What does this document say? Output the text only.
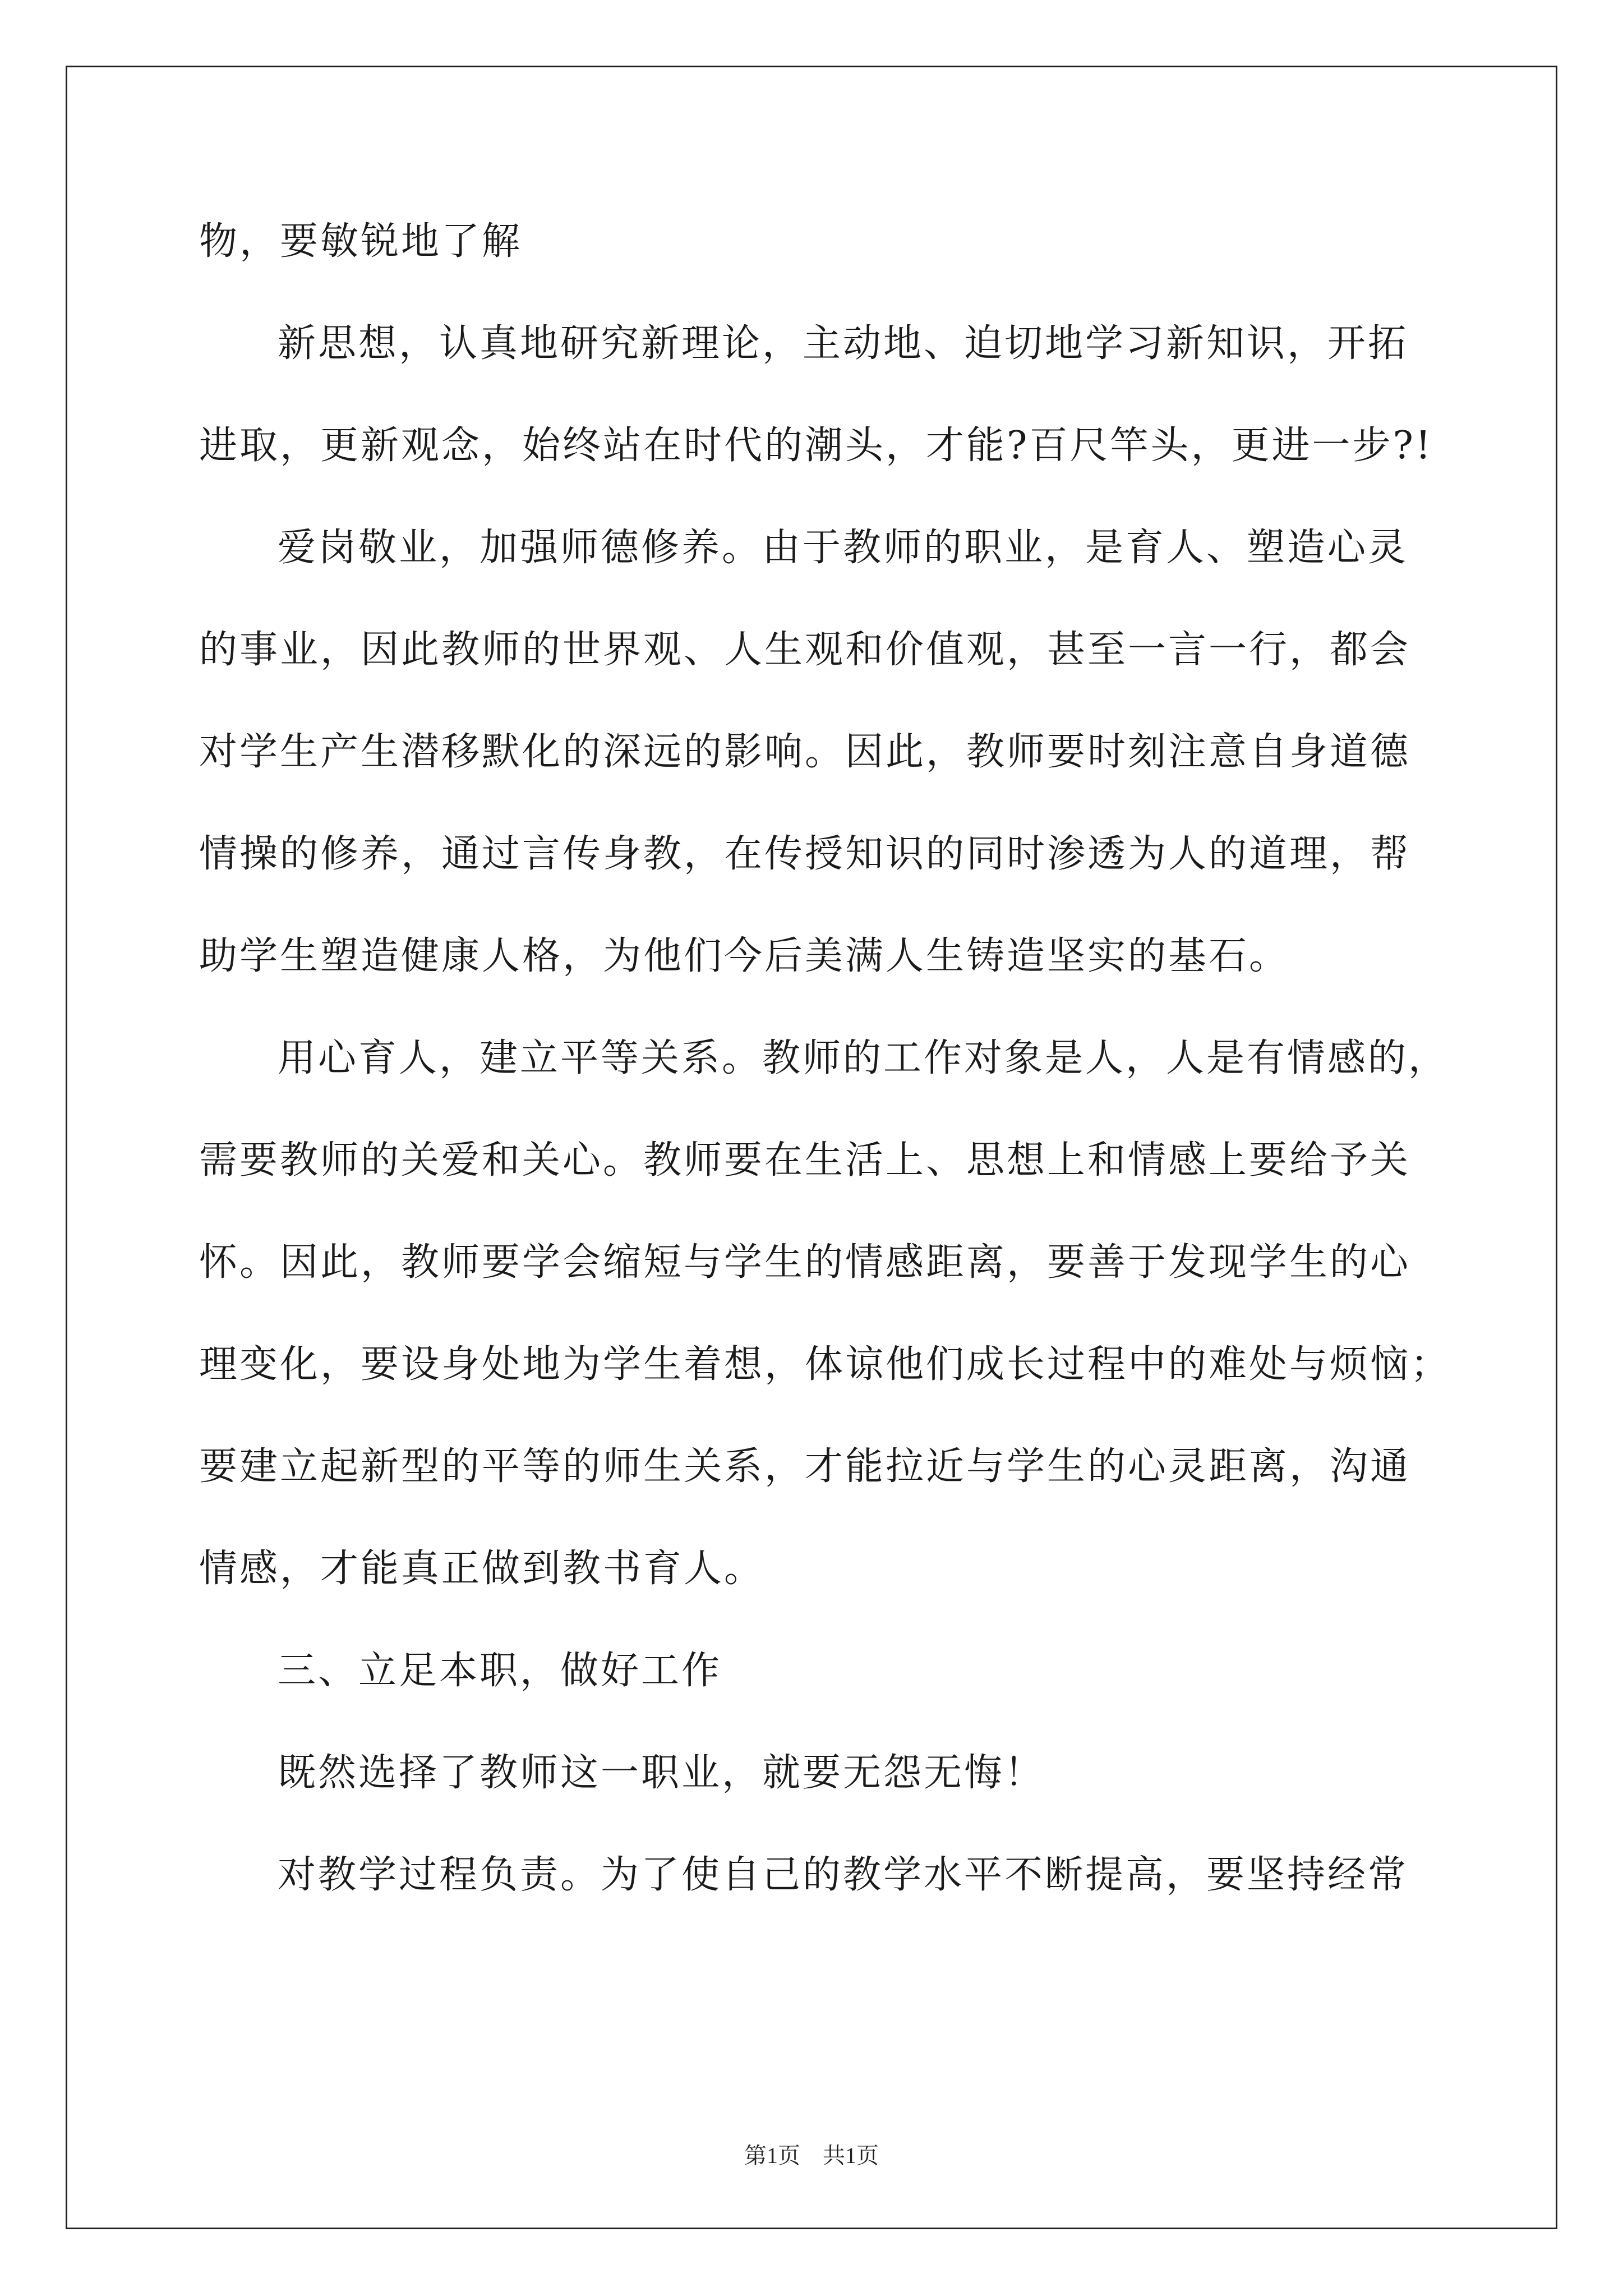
物，要敏锐地了解
新思想，认真地研究新理论，主动地、迫切地学习新知识，开拓
进取，更新观念，始终站在时代的潮头，才能?百尺竿头，更进一步?!
爱岗敬业，加强师德修养。由于教师的职业，是育人、塑造心灵
的事业，因此教师的世界观、人生观和价值观，甚至一言一行，都会
对学生产生潜移默化的深远的影响。因此，教师要时刻注意自身道德
情操的修养，通过言传身教，在传授知识的同时渗透为人的道理，帮
助学生塑造健康人格，为他们今后美满人生铸造坚实的基石。
用心育人，建立平等关系。教师的工作对象是人，人是有情感的，
需要教师的关爱和关心。教师要在生活上、思想上和情感上要给予关
怀。因此，教师要学会缩短与学生的情感距离，要善于发现学生的心
理变化，要设身处地为学生着想，体谅他们成长过程中的难处与烦恼；
要建立起新型的平等的师生关系，才能拉近与学生的心灵距离，沟通
情感，才能真正做到教书育人。
三、立足本职，做好工作
既然选择了教师这一职业，就要无怨无悔！
对教学过程负责。为了使自己的教学水平不断提高，要坚持经常
第1页 共1页
